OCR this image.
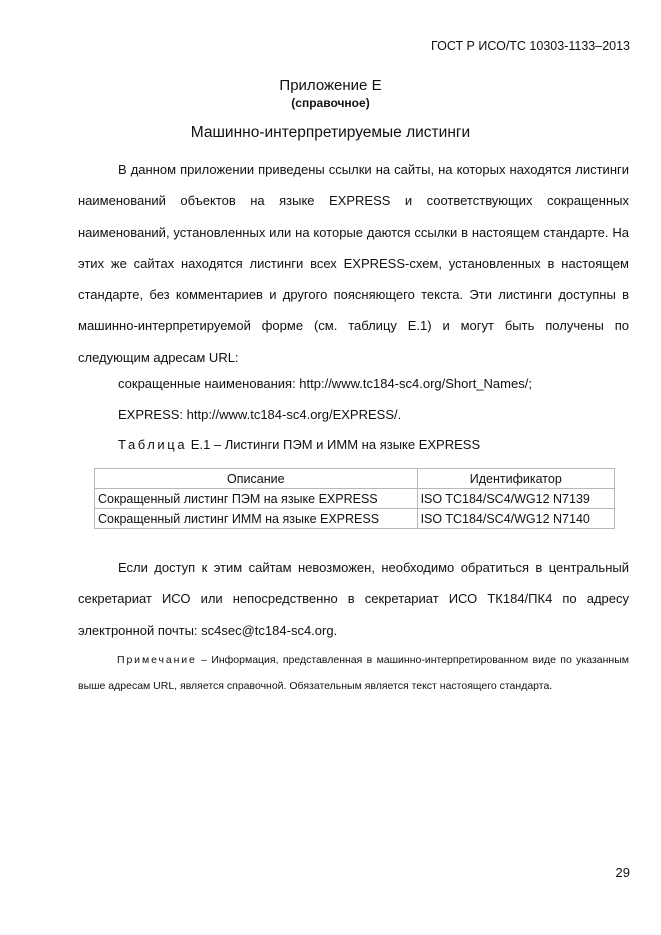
ГОСТ Р ИСО/ТС 10303-1133–2013
Приложение Е
(справочное)
Машинно-интерпретируемые листинги
В данном приложении приведены ссылки на сайты, на которых находятся листинги наименований объектов на языке EXPRESS и соответствующих сокращенных наименований, установленных или на которые даются ссылки в настоящем стандарте. На этих же сайтах находятся листинги всех EXPRESS-схем, установленных в настоящем стандарте, без комментариев и другого поясняющего текста. Эти листинги доступны в машинно-интерпретируемой форме (см. таблицу Е.1) и могут быть получены по следующим адресам URL:
сокращенные наименования: http://www.tc184-sc4.org/Short_Names/;
EXPRESS: http://www.tc184-sc4.org/EXPRESS/.
Таблица Е.1 – Листинги ПЭМ и ИММ на языке EXPRESS
Описание	Идентификатор
Сокращенный листинг ПЭМ на языке EXPRESS	ISO TC184/SC4/WG12 N7139
Сокращенный листинг ИММ на языке EXPRESS	ISO TC184/SC4/WG12 N7140
Если доступ к этим сайтам невозможен, необходимо обратиться в центральный секретариат ИСО или непосредственно в секретариат ИСО ТК184/ПК4 по адресу электронной почты: sc4sec@tc184-sc4.org.
Примечание – Информация, представленная в машинно-интерпретированном виде по указанным выше адресам URL, является справочной. Обязательным является текст настоящего стандарта.
29
